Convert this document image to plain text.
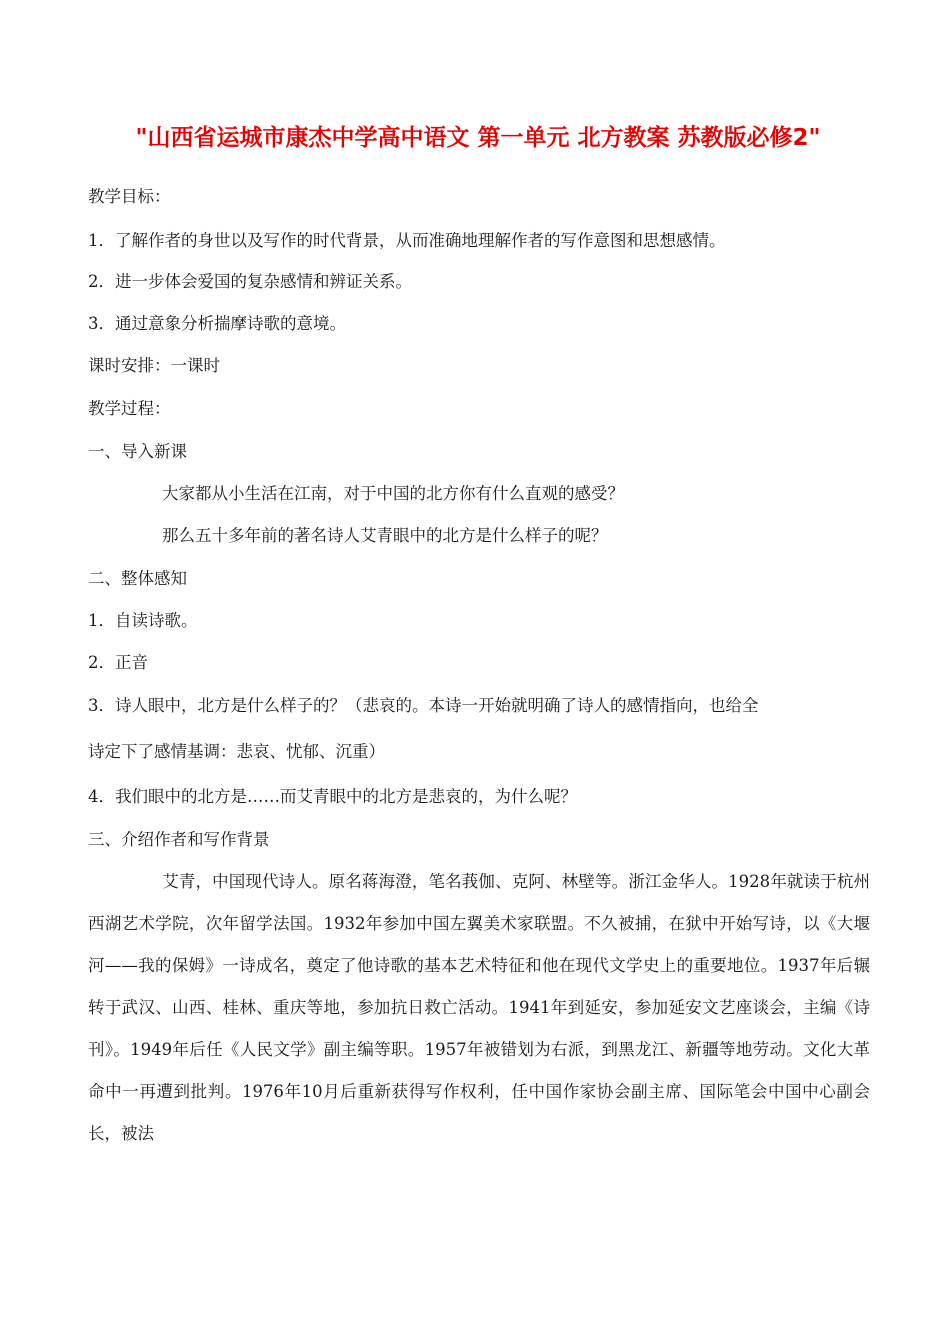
"山西省运城市康杰中学高中语文 第一单元 北方教案 苏教版必修2"

教学目标：

1．了解作者的身世以及写作的时代背景，从而准确地理解作者的写作意图和思想感情。

2．进一步体会爱国的复杂感情和辨证关系。

3．通过意象分析揣摩诗歌的意境。

课时安排：一课时

教学过程：

一、导入新课

大家都从小生活在江南，对于中国的北方你有什么直观的感受？

那么五十多年前的著名诗人艾青眼中的北方是什么样子的呢？

二、整体感知

1．自读诗歌。

2．正音

3．诗人眼中，北方是什么样子的？（悲哀的。本诗一开始就明确了诗人的感情指向，也给全

诗定下了感情基调：悲哀、忧郁、沉重）

4．我们眼中的北方是……而艾青眼中的北方是悲哀的，为什么呢？

三、介绍作者和写作背景

艾青，中国现代诗人。原名蒋海澄，笔名莪伽、克阿、林壁等。浙江金华人。1928年就读于杭州西湖艺术学院，次年留学法国。1932年参加中国左翼美术家联盟。不久被捕，在狱中开始写诗，以《大堰河——我的保姆》一诗成名，奠定了他诗歌的基本艺术特征和他在现代文学史上的重要地位。1937年后辗转于武汉、山西、桂林、重庆等地，参加抗日救亡活动。1941年到延安，参加延安文艺座谈会，主编《诗刊》。1949年后任《人民文学》副主编等职。1957年被错划为右派，到黑龙江、新疆等地劳动。文化大革命中一再遭到批判。1976年10月后重新获得写作权利，任中国作家协会副主席、国际笔会中国中心副会长，被法
